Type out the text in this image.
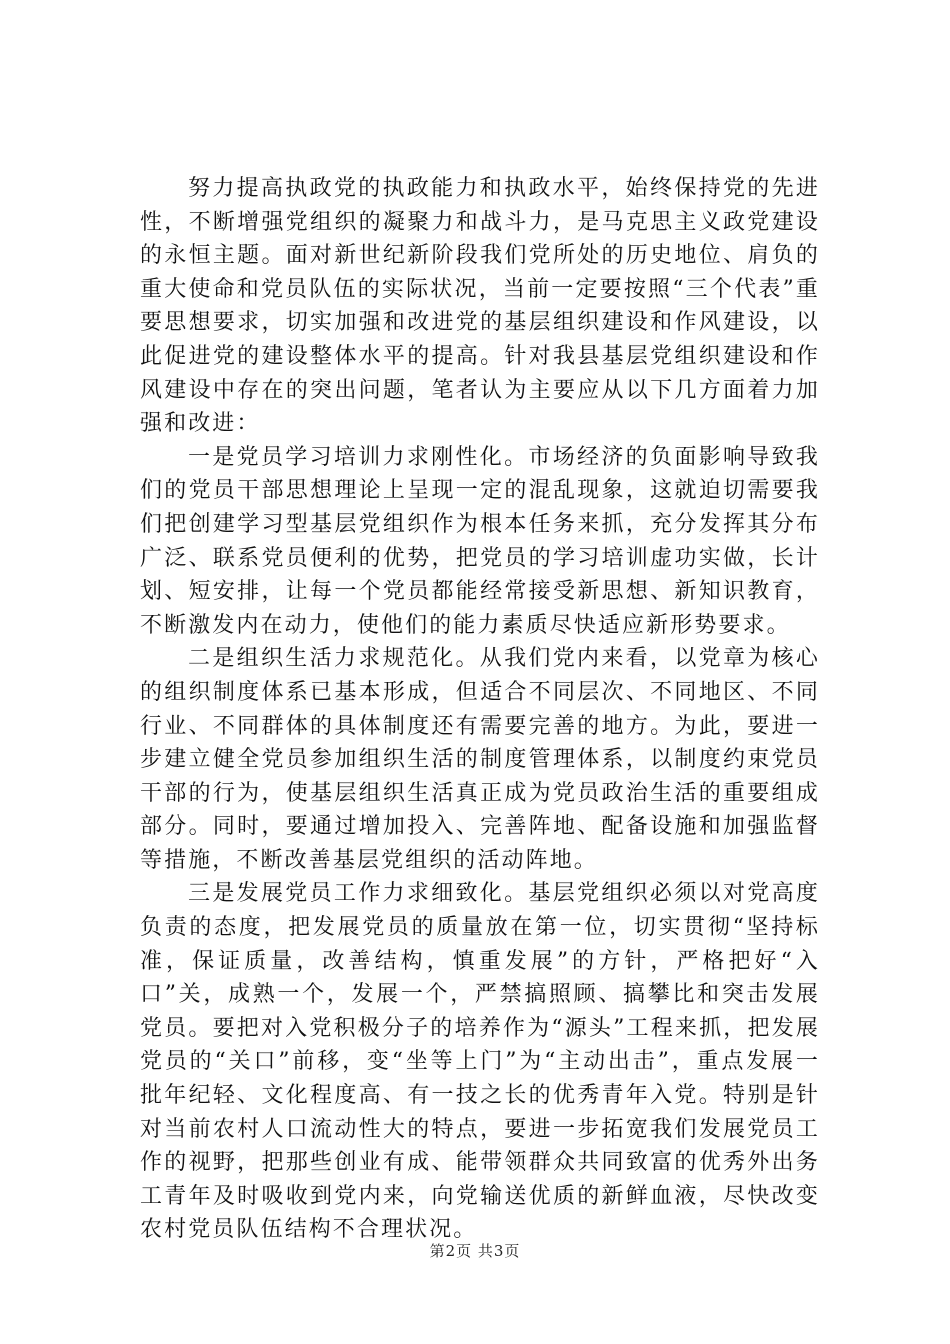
努力提高执政党的执政能力和执政水平，始终保持党的先进性，不断增强党组织的凝聚力和战斗力，是马克思主义政党建设的永恒主题。面对新世纪新阶段我们党所处的历史地位、肩负的重大使命和党员队伍的实际状况，当前一定要按照“三个代表”重要思想要求，切实加强和改进党的基层组织建设和作风建设，以此促进党的建设整体水平的提高。针对我县基层党组织建设和作风建设中存在的突出问题，笔者认为主要应从以下几方面着力加强和改进：

一是党员学习培训力求刚性化。市场经济的负面影响导致我们的党员干部思想理论上呈现一定的混乱现象，这就迫切需要我们把创建学习型基层党组织作为根本任务来抓，充分发挥其分布广泛、联系党员便利的优势，把党员的学习培训虚功实做，长计划、短安排，让每一个党员都能经常接受新思想、新知识教育，不断激发内在动力，使他们的能力素质尽快适应新形势要求。

二是组织生活力求规范化。从我们党内来看，以党章为核心的组织制度体系已基本形成，但适合不同层次、不同地区、不同行业、不同群体的具体制度还有需要完善的地方。为此，要进一步建立健全党员参加组织生活的制度管理体系，以制度约束党员干部的行为，使基层组织生活真正成为党员政治生活的重要组成部分。同时，要通过增加投入、完善阵地、配备设施和加强监督等措施，不断改善基层党组织的活动阵地。

三是发展党员工作力求细致化。基层党组织必须以对党高度负责的态度，把发展党员的质量放在第一位，切实贯彻“坚持标准，保证质量，改善结构，慎重发展”的方针，严格把好“入口”关，成熟一个，发展一个，严禁搞照顾、搞攀比和突击发展党员。要把对入党积极分子的培养作为“源头”工程来抓，把发展党员的“关口”前移，变“坐等上门”为“主动出击”，重点发展一批年纪轻、文化程度高、有一技之长的优秀青年入党。特别是针对当前农村人口流动性大的特点，要进一步拓宽我们发展党员工作的视野，把那些创业有成、能带领群众共同致富的优秀外出务工青年及时吸收到党内来，向党输送优质的新鲜血液，尽快改变农村党员队伍结构不合理状况。

第2页 共3页
